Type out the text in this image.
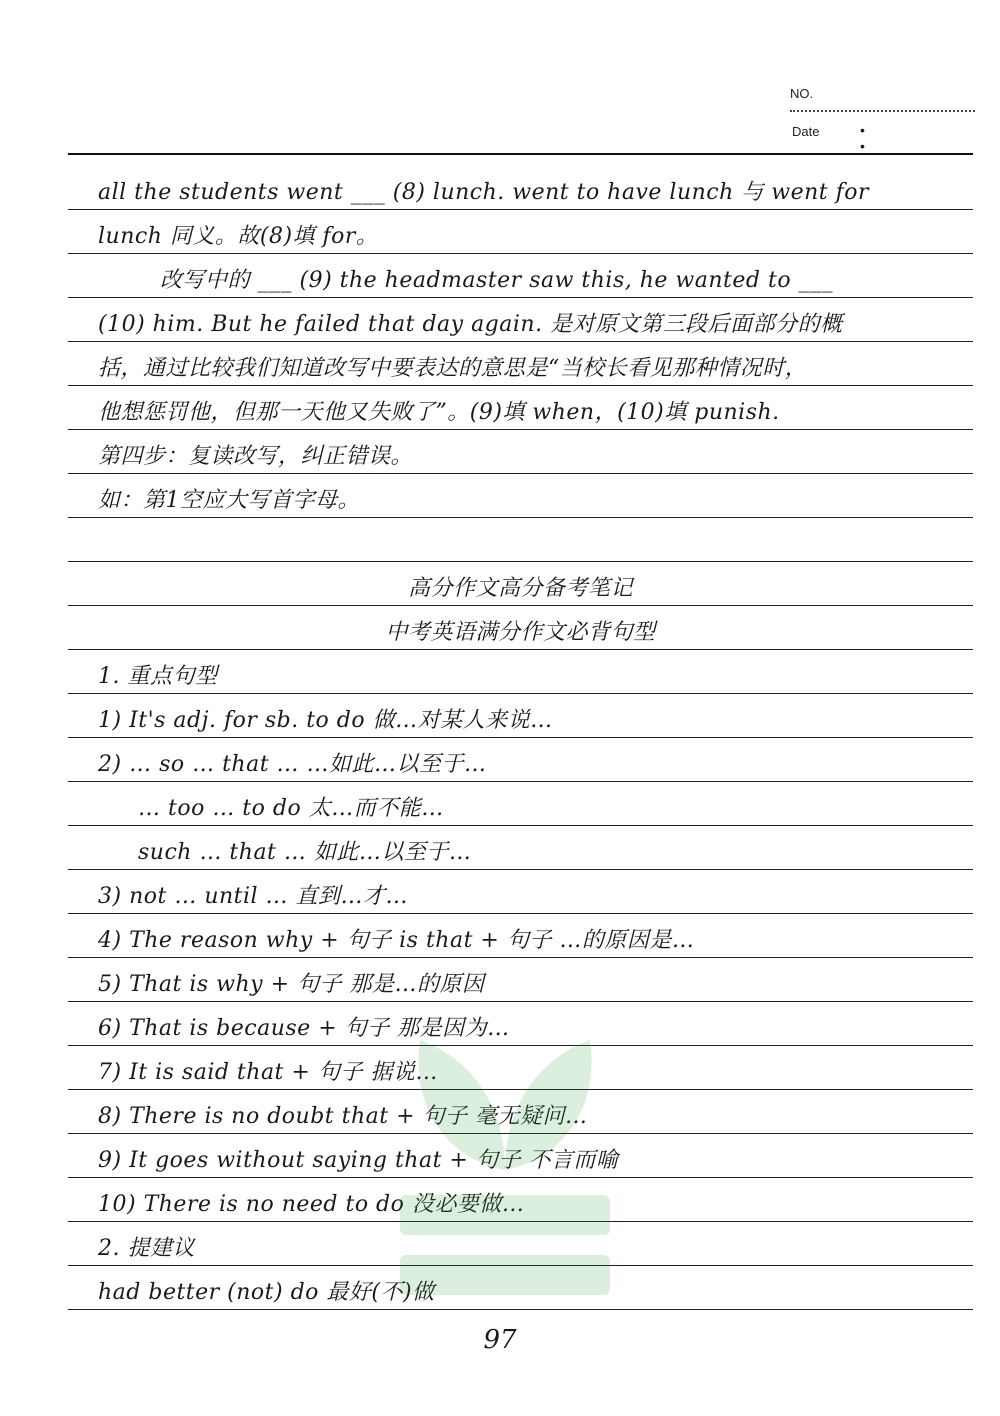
NO.
Date	• •
all the students went ___ (8) lunch. went to have lunch 与 went for
lunch 同义。故(8)填 for。
改写中的 ___ (9) the headmaster saw this, he wanted to ___
(10) him. But he failed that day again. 是对原文第三段后面部分的概
括，通过比较我们知道改写中要表达的意思是“当校长看见那种情况时，
他想惩罚他，但那一天他又失败了”。(9)填 when，(10)填 punish.
第四步：复读改写，纠正错误。
如：第1空应大写首字母。
高分作文高分备考笔记
中考英语满分作文必背句型
1. 重点句型
1) It's adj. for sb. to do 做…对某人来说…
2) … so … that … …如此…以至于…
… too … to do 太…而不能…
such … that … 如此…以至于…
3) not … until … 直到…才…
4) The reason why + 句子 is that + 句子 …的原因是…
5) That is why + 句子 那是…的原因
6) That is because + 句子 那是因为…
7) It is said that + 句子 据说…
8) There is no doubt that + 句子 毫无疑问…
9) It goes without saying that + 句子 不言而喻
10) There is no need to do 没必要做…
2. 提建议
had better (not) do 最好(不)做
97
